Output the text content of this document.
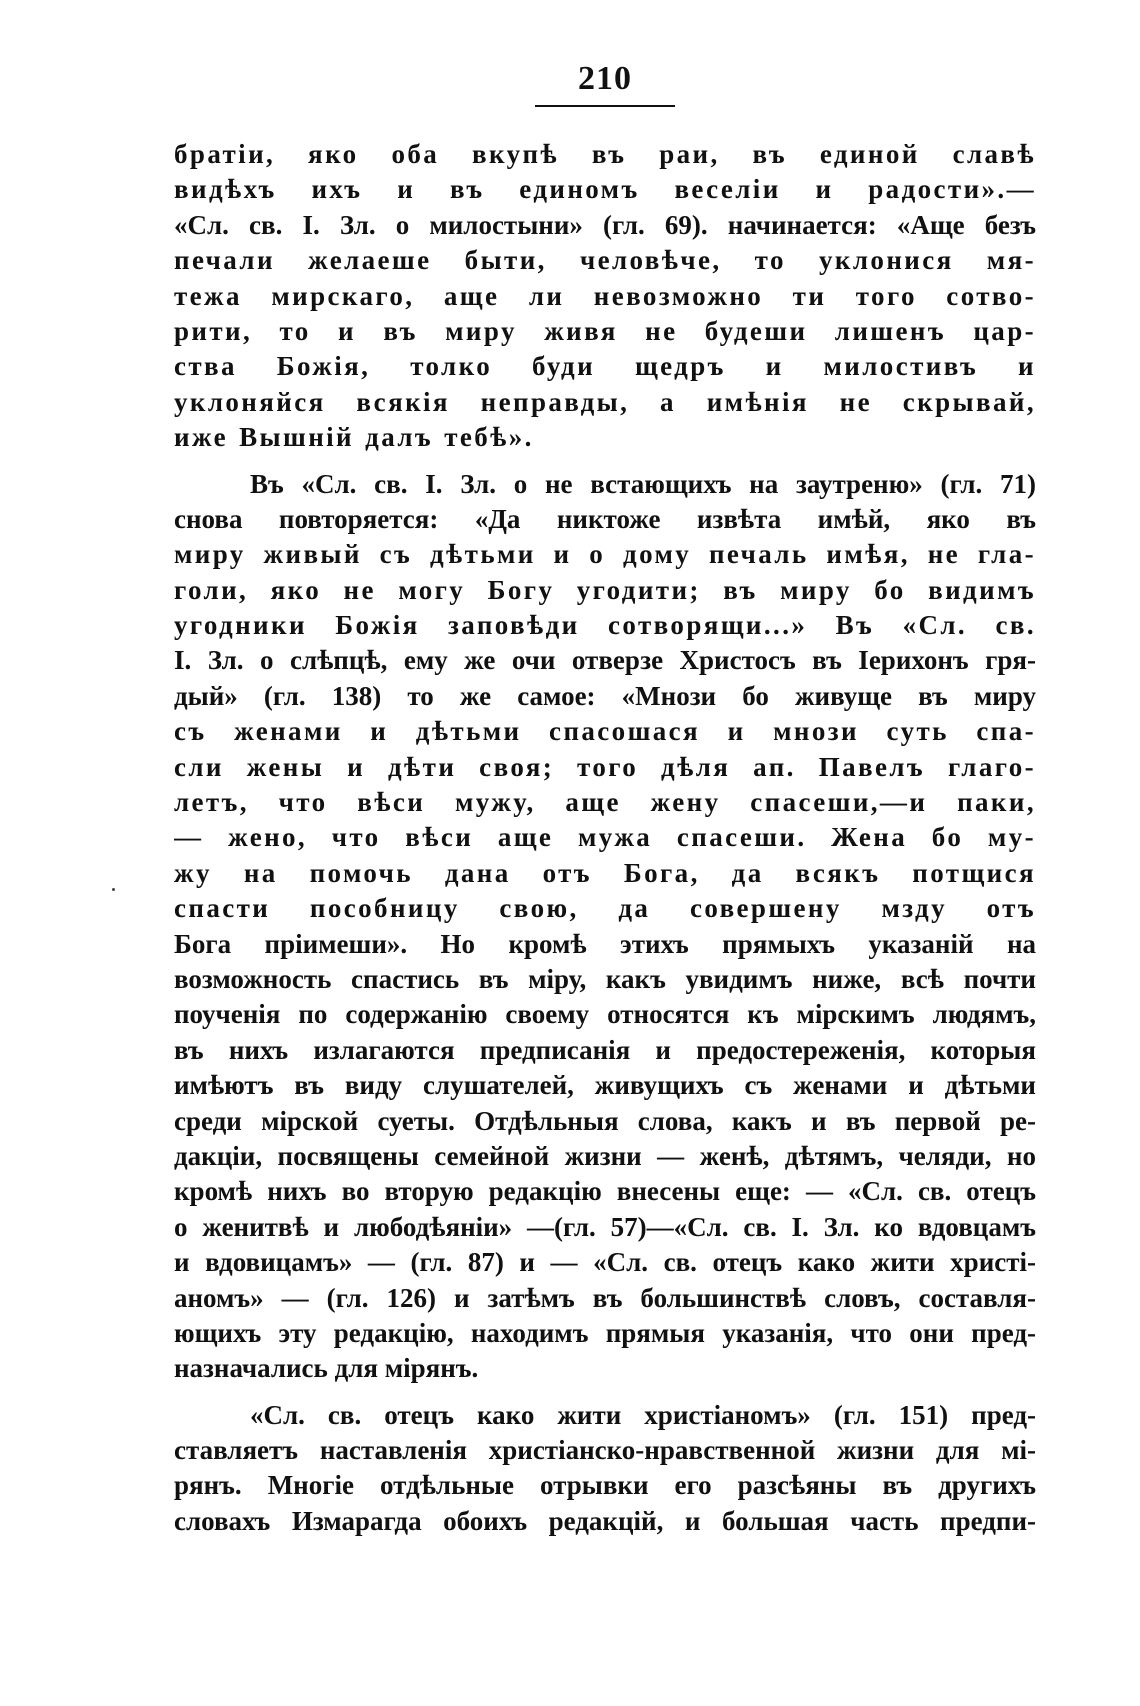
210
братіи, яко оба вкупѣ въ раи, въ единой славѣ
видѣхъ ихъ и въ единомъ веселіи и радости».—
«Сл. св. І. Зл. о милостыни» (гл. 69). начинается: «Аще безъ
печали желаеше быти, человѣче, то уклонися мя-
тежа мирскаго, аще ли невозможно ти того сотво-
рити, то и въ миру живя не будеши лишенъ цар-
ства Божія, толко буди щедръ и милостивъ и
уклоняйся всякія неправды, а имѣнія не скрывай,
иже Вышній далъ тебѣ».
Въ «Сл. св. І. Зл. о не встающихъ на заутреню» (гл. 71)
снова повторяется: «Да никтоже извѣта имѣй, яко въ
миру живый съ дѣтьми и о дому печаль имѣя, не гла-
голи, яко не могу Богу угодити; въ миру бо видимъ
угодники Божія заповѣди сотворящи...» Въ «Сл. св.
І. Зл. о слѣпцѣ, ему же очи отверзе Христосъ въ Іерихонъ гря-
дый» (гл. 138) то же самое: «Мнози бо живуще въ миру
съ женами и дѣтьми спасошася и мнози суть спа-
сли жены и дѣти своя; того дѣля ап. Павелъ глаго-
летъ, что вѣси мужу, аще жену спасеши,—и паки,
— жено, что вѣси аще мужа спасеши. Жена бо му-
жу на помочь дана отъ Бога, да всякъ потщися
спасти пособницу свою, да совершену мзду отъ
Бога пріимеши». Но кромѣ этихъ прямыхъ указаній на
возможность спастись въ міру, какъ увидимъ ниже, всѣ почти
поученія по содержанію своему относятся къ мірскимъ людямъ,
въ нихъ излагаются предписанія и предостереженія, которыя
имѣютъ въ виду слушателей, живущихъ съ женами и дѣтьми
среди мірской суеты. Отдѣльныя слова, какъ и въ первой ре-
дакціи, посвящены семейной жизни — женѣ, дѣтямъ, челяди, но
кромѣ нихъ во вторую редакцію внесены еще: — «Сл. св. отецъ
о женитвѣ и любодѣяніи» —(гл. 57)—«Сл. св. І. Зл. ко вдовцамъ
и вдовицамъ» — (гл. 87) и — «Сл. св. отецъ како жити христі-
аномъ» — (гл. 126) и затѣмъ въ большинствѣ словъ, составля-
ющихъ эту редакцію, находимъ прямыя указанія, что они пред-
назначались для мірянъ.
«Сл. св. отецъ како жити христіаномъ» (гл. 151) пред-
ставляетъ наставленія христіанско-нравственной жизни для мі-
рянъ. Многіе отдѣльные отрывки его разсѣяны въ другихъ
словахъ Измарагда обоихъ редакцій, и большая часть предпи-
